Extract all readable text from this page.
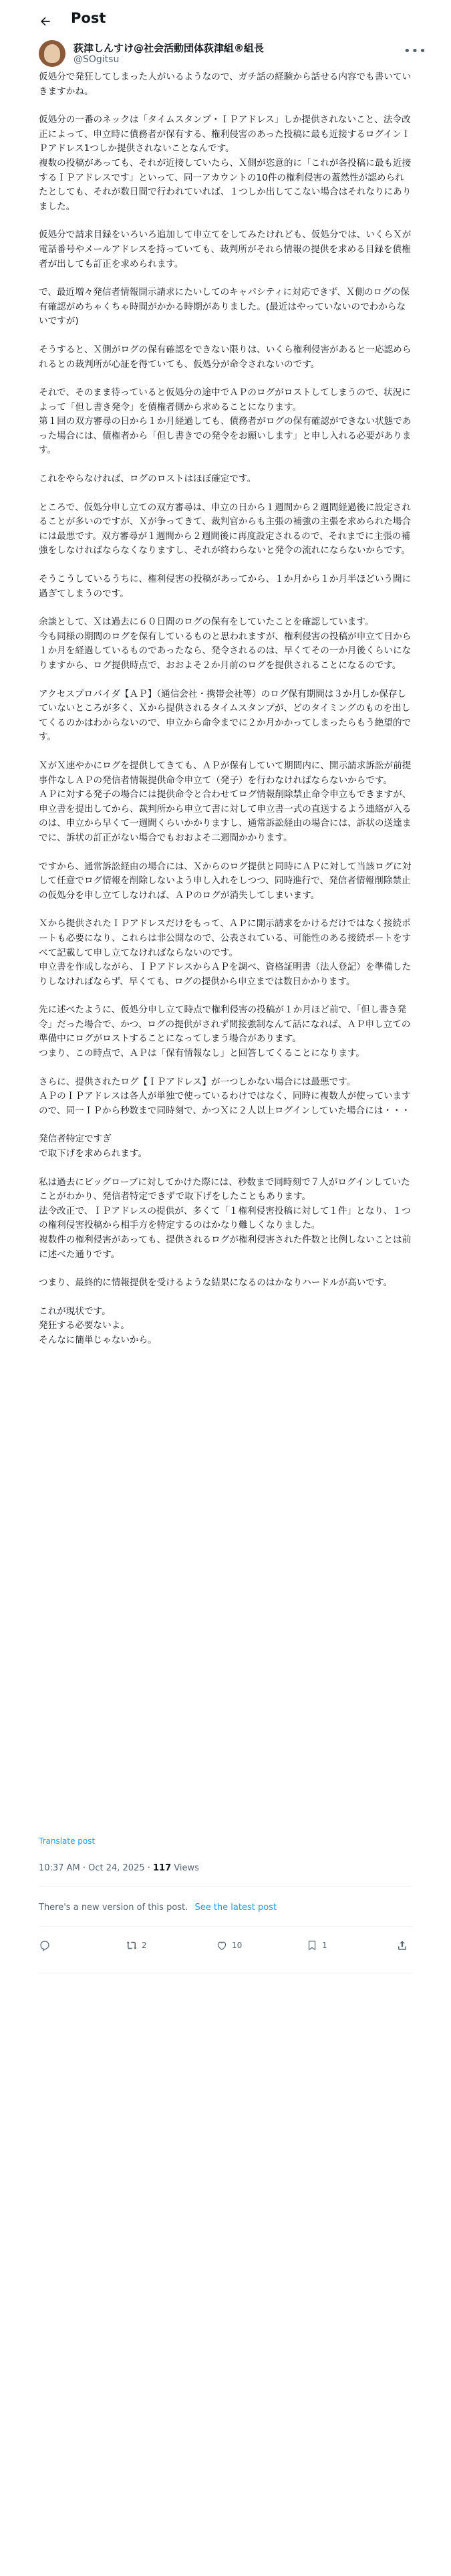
Post
荻津しんすけ@社会活動団体荻津組®組長
@SOgitsu
•••

仮処分で発狂してしまった人がいるようなので、ガチ話の経験から話せる内容でも書いていきますかね。

仮処分の一番のネックは「タイムスタンプ・ＩＰアドレス」しか提供されないこと、法令改正によって、申立時に債務者が保有する、権利侵害のあった投稿に最も近接するログインＩＰアドレス1つしか提供されないことなんです。
複数の投稿があっても、それが近接していたら、Ｘ側が恣意的に「これが各投稿に最も近接するＩＰアドレスです」といって、同一アカウントの10件の権利侵害の蓋然性が認められたとしても、それが数日間で行われていれば、１つしか出してこない場合はそれなりにありました。

仮処分で請求目録をいろいろ追加して申立てをしてみたけれども、仮処分では、いくらＸが電話番号やメールアドレスを持っていても、裁判所がそれら情報の提供を求める目録を債権者が出しても訂正を求められます。

で、最近増々発信者情報開示請求にたいしてのキャパシティに対応できず、Ｘ側のログの保有確認がめちゃくちゃ時間がかかる時期がありました。(最近はやっていないのでわからないですが)

そうすると、Ｘ側がログの保有確認をできない限りは、いくら権利侵害があると一応認められるとの裁判所が心証を得ていても、仮処分が命令されないのです。

それで、そのまま待っていると仮処分の途中でＡＰのログがロストしてしまうので、状況によって「但し書き発令」を債権者側から求めることになります。
第１回の双方審尋の日から１か月経過しても、債務者がログの保有確認ができない状態であった場合には、債権者から「但し書きでの発令をお願いします」と申し入れる必要があります。

これをやらなければ、ログのロストはほぼ確定です。

ところで、仮処分申し立ての双方審尋は、申立の日から１週間から２週間経過後に設定されることが多いのですが、Ｘが争ってきて、裁判官からも主張の補強の主張を求められた場合には最悪です。双方審尋が１週間から２週間後に再度設定されるので、それまでに主張の補強をしなければならなくなりますし、それが終わらないと発令の流れにならないからです。

そうこうしているうちに、権利侵害の投稿があってから、１か月から１か月半ほどいう間に過ぎてしまうのです。

余談として、Ｘは過去に６０日間のログの保有をしていたことを確認しています。
今も同様の期間のログを保有しているものと思われますが、権利侵害の投稿が申立て日から１か月を経過しているものであったなら、発令されるのは、早くてその一か月後くらいになりますから、ログ提供時点で、おおよそ２か月前のログを提供されることになるのです。

アクセスプロバイダ【ＡＰ】（通信会社・携帯会社等）のログ保有期間は３か月しか保存していないところが多く、Ｘから提供されるタイムスタンプが、どのタイミングのものを出してくるのかはわからないので、申立から命令までに２か月かかってしまったらもう絶望的です。

ＸがＸ速やかにログを提供してきても、ＡＰが保有していて期間内に、開示請求訴訟が前提事件なしＡＰの発信者情報提供命令申立て（発子）を行わなければならないからです。
ＡＰに対する発子の場合には提供命令と合わせてログ情報削除禁止命令申立もできますが、申立書を提出してから、裁判所から申立て書に対して申立書一式の直送するよう連絡が入るのは、申立から早くて一週間くらいかかりますし、通常訴訟経由の場合には、訴状の送達までに、訴状の訂正がない場合でもおおよそ二週間かかります。

ですから、通常訴訟経由の場合には、Ｘからのログ提供と同時にＡＰに対して当該ログに対して任意でログ情報を削除しないよう申し入れをしつつ、同時進行で、発信者情報削除禁止の仮処分を申し立てしなければ、ＡＰのログが消失してしまいます。

Ｘから提供されたＩＰアドレスだけをもって、ＡＰに開示請求をかけるだけではなく接続ポートも必要になり、これらは非公開なので、公表されている、可能性のある接続ポートをすべて記載して申し立てなければならないのです。
申立書を作成しながら、ＩＰアドレスからＡＰを調べ、資格証明書（法人登記）を準備したりしなければならず、早くても、ログの提供から申立までは数日かかります。

先に述べたように、仮処分申し立て時点で権利侵害の投稿が１か月ほど前で、「但し書き発令」だった場合で、かつ、ログの提供がされず間接強制なんて話になれば、ＡＰ申し立ての準備中にログがロストすることになってしまう場合があります。
つまり、この時点で、ＡＰは「保有情報なし」と回答してくることになります。

さらに、提供されたログ【ＩＰアドレス】が一つしかない場合には最悪です。
ＡＰのＩＰアドレスは各人が単独で使っているわけではなく、同時に複数人が使っていますので、同一ＩＰから秒数まで同時刻で、かつＸに２人以上ログインしていた場合には・・・

発信者特定ですぎ
で取下げを求められます。

私は過去にビッグローブに対してかけた際には、秒数まで同時刻で７人がログインしていたことがわかり、発信者特定できずで取下げをしたこともあります。
法令改正で、ＩＰアドレスの提供が、多くて「１権利侵害投稿に対して１件」となり、１つの権利侵害投稿から相手方を特定するのはかなり難しくなりました。
複数件の権利侵害があっても、提供されるログが権利侵害された件数と比例しないことは前に述べた通りです。

つまり、最終的に情報提供を受けるような結果になるのはかなりハードルが高いです。

これが現状です。
発狂する必要ないよ。
そんなに簡単じゃないから。

Translate post
10:37 AM · Oct 24, 2025 · 117 Views
There's a new version of this post. See the latest post
2	10	1
